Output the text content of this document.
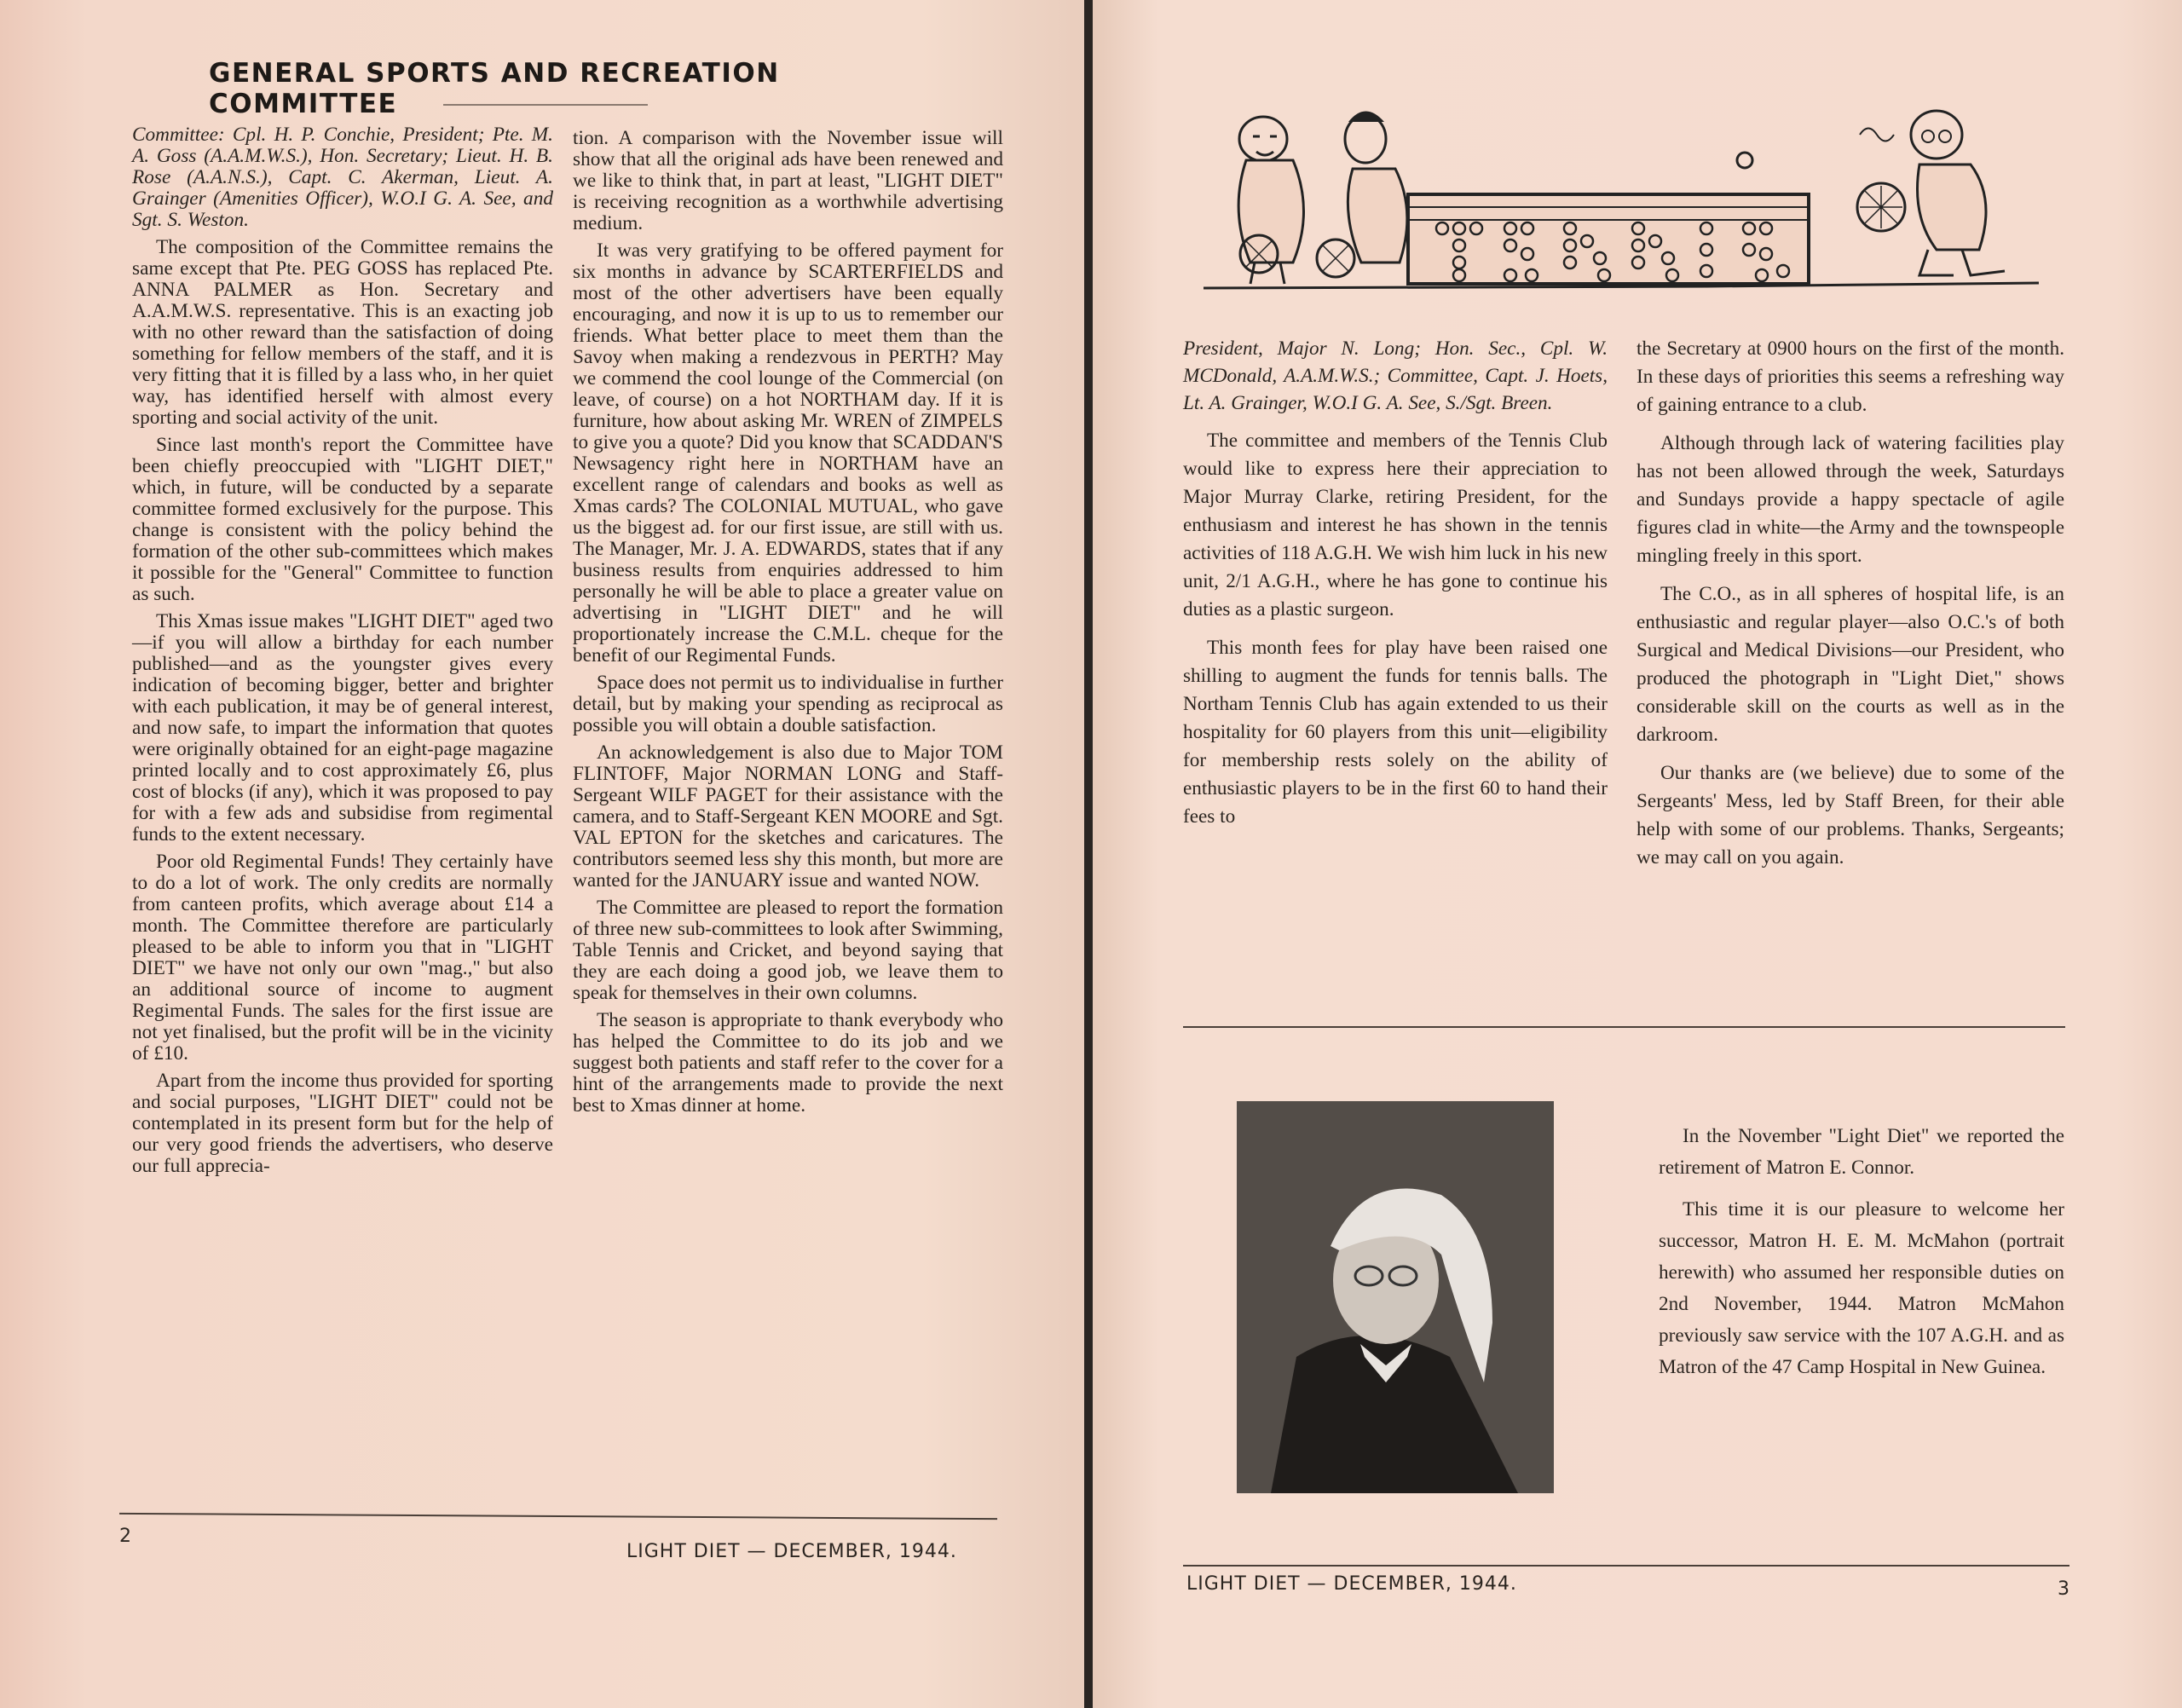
GENERAL SPORTS AND RECREATION COMMITTEE

Committee: Cpl. H. P. Conchie, President; Pte. M. A. Goss (A.A.M.W.S.), Hon. Secretary; Lieut. H. B. Rose (A.A.N.S.), Capt. C. Akerman, Lieut. A. Grainger (Amenities Officer), W.O.I G. A. See, and Sgt. S. Weston.

The composition of the Committee remains the same except that Pte. PEG GOSS has replaced Pte. ANNA PALMER as Hon. Secretary and A.A.M.W.S. representative. This is an exacting job with no other reward than the satisfaction of doing something for fellow members of the staff, and it is very fitting that it is filled by a lass who, in her quiet way, has identified herself with almost every sporting and social activity of the unit.

Since last month's report the Committee have been chiefly preoccupied with "LIGHT DIET," which, in future, will be conducted by a separate committee formed exclusively for the purpose. This change is consistent with the policy behind the formation of the other sub-committees which makes it possible for the "General" Committee to function as such.

This Xmas issue makes "LIGHT DIET" aged two—if you will allow a birthday for each number published—and as the youngster gives every indication of becoming bigger, better and brighter with each publication, it may be of general interest, and now safe, to impart the information that quotes were originally obtained for an eight-page magazine printed locally and to cost approximately £6, plus cost of blocks (if any), which it was proposed to pay for with a few ads and subsidise from regimental funds to the extent necessary.

Poor old Regimental Funds! They certainly have to do a lot of work. The only credits are normally from canteen profits, which average about £14 a month. The Committee therefore are particularly pleased to be able to inform you that in "LIGHT DIET" we have not only our own "mag.," but also an additional source of income to augment Regimental Funds. The sales for the first issue are not yet finalised, but the profit will be in the vicinity of £10.

Apart from the income thus provided for sporting and social purposes, "LIGHT DIET" could not be contemplated in its present form but for the help of our very good friends the advertisers, who deserve our full apprecia-

tion. A comparison with the November issue will show that all the original ads have been renewed and we like to think that, in part at least, "LIGHT DIET" is receiving recognition as a worthwhile advertising medium.

It was very gratifying to be offered payment for six months in advance by SCARTERFIELDS and most of the other advertisers have been equally encouraging, and now it is up to us to remember our friends. What better place to meet them than the Savoy when making a rendezvous in PERTH? May we commend the cool lounge of the Commercial (on leave, of course) on a hot NORTHAM day. If it is furniture, how about asking Mr. WREN of ZIMPELS to give you a quote? Did you know that SCADDAN'S Newsagency right here in NORTHAM have an excellent range of calendars and books as well as Xmas cards? The COLONIAL MUTUAL, who gave us the biggest ad. for our first issue, are still with us. The Manager, Mr. J. A. EDWARDS, states that if any business results from enquiries addressed to him personally he will be able to place a greater value on advertising in "LIGHT DIET" and he will proportionately increase the C.M.L. cheque for the benefit of our Regimental Funds.

Space does not permit us to individualise in further detail, but by making your spending as reciprocal as possible you will obtain a double satisfaction.

An acknowledgement is also due to Major TOM FLINTOFF, Major NORMAN LONG and Staff-Sergeant WILF PAGET for their assistance with the camera, and to Staff-Sergeant KEN MOORE and Sgt. VAL EPTON for the sketches and caricatures. The contributors seemed less shy this month, but more are wanted for the JANUARY issue and wanted NOW.

The Committee are pleased to report the formation of three new sub-committees to look after Swimming, Table Tennis and Cricket, and beyond saying that they are each doing a good job, we leave them to speak for themselves in their own columns.

The season is appropriate to thank everybody who has helped the Committee to do its job and we suggest both patients and staff refer to the cover for a hint of the arrangements made to provide the next best to Xmas dinner at home.

2
LIGHT DIET — DECEMBER, 1944.

President, Major N. Long; Hon. Sec., Cpl. W. MCDonald, A.A.M.W.S.; Committee, Capt. J. Hoets, Lt. A. Grainger, W.O.I G. A. See, S./Sgt. Breen.

The committee and members of the Tennis Club would like to express here their appreciation to Major Murray Clarke, retiring President, for the enthusiasm and interest he has shown in the tennis activities of 118 A.G.H. We wish him luck in his new unit, 2/1 A.G.H., where he has gone to continue his duties as a plastic surgeon.

This month fees for play have been raised one shilling to augment the funds for tennis balls. The Northam Tennis Club has again extended to us their hospitality for 60 players from this unit—eligibility for membership rests solely on the ability of enthusiastic players to be in the first 60 to hand their fees to

the Secretary at 0900 hours on the first of the month. In these days of priorities this seems a refreshing way of gaining entrance to a club.

Although through lack of watering facilities play has not been allowed through the week, Saturdays and Sundays provide a happy spectacle of agile figures clad in white—the Army and the townspeople mingling freely in this sport.

The C.O., as in all spheres of hospital life, is an enthusiastic and regular player—also O.C.'s of both Surgical and Medical Divisions—our President, who produced the photograph in "Light Diet," shows considerable skill on the courts as well as in the darkroom.

Our thanks are (we believe) due to some of the Sergeants' Mess, led by Staff Breen, for their able help with some of our problems. Thanks, Sergeants; we may call on you again.

In the November "Light Diet" we reported the retirement of Matron E. Connor.

This time it is our pleasure to welcome her successor, Matron H. E. M. McMahon (portrait herewith) who assumed her responsible duties on 2nd November, 1944. Matron McMahon previously saw service with the 107 A.G.H. and as Matron of the 47 Camp Hospital in New Guinea.

LIGHT DIET — DECEMBER, 1944.	3
